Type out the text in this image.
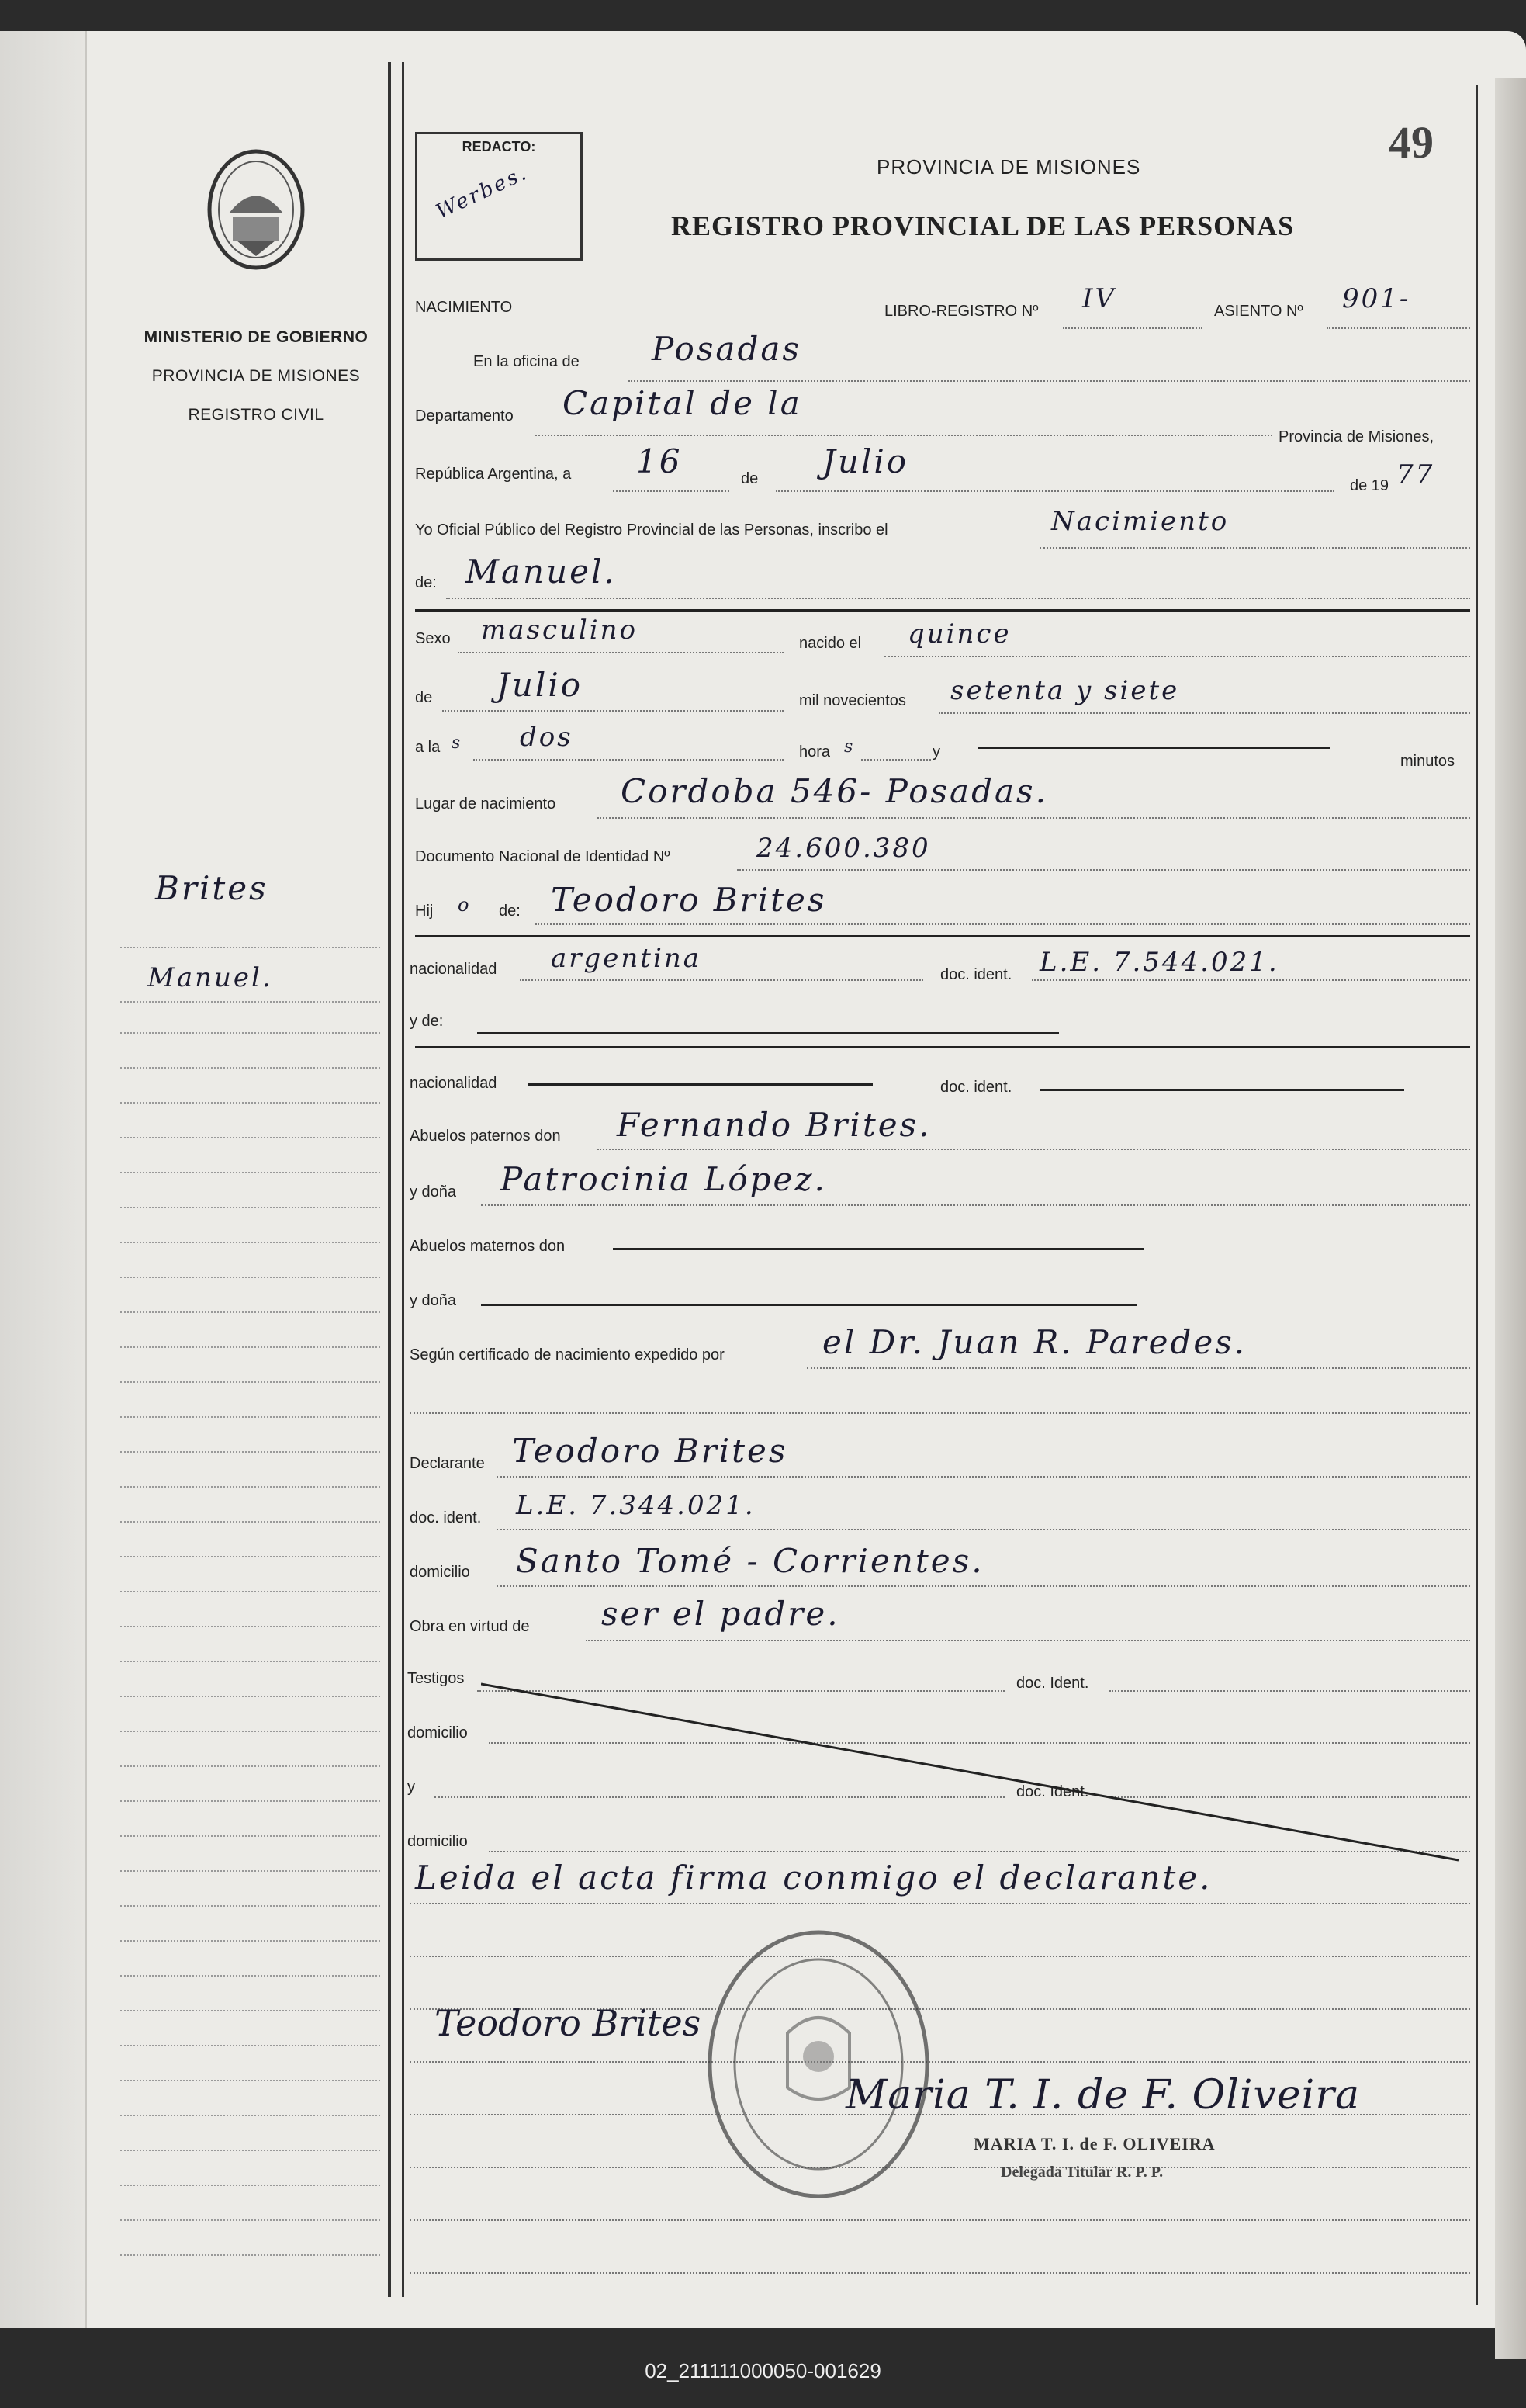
MINISTERIO DE GOBIERNO
PROVINCIA DE MISIONES
REGISTRO CIVIL
Brites
Manuel.
REDACTO:
Werbes.	PROVINCIA DE MISIONES
REGISTRO PROVINCIAL DE LAS PERSONAS
49
NACIMIENTO	LIBRO-REGISTRO Nº IV	ASIENTO Nº 901-
En la oficina de Posadas
Departamento Capital de la
Provincia de Misiones,
República Argentina, a 16	de Julio
de 19 77
Yo Oficial Público del Registro Provincial de las Personas, inscribo el	Nacimiento
de: Manuel.
Sexo masculino	nacido el quince
de Julio	mil novecientos setenta y siete
a la s dos	hora s	y
minutos
Lugar de nacimiento Cordoba 546- Posadas.
Documento Nacional de Identidad Nº	24.600.380
Hij o de: Teodoro Brites
nacionalidad argentina
doc. ident. L.E. 7.544.021.
y de:
nacionalidad	doc. ident.
Abuelos paternos don Fernando Brites.
y doña Patrocinia López.
Abuelos maternos don
y doña
Según certificado de nacimiento expedido por	el Dr. Juan R. Paredes.
Declarante Teodoro Brites
doc. ident. L.E. 7.344.021.
domicilio Santo Tomé - Corrientes.
Obra en virtud de ser el padre.
Testigos	doc. Ident.
domicilio
y	doc. Ident.
domicilio
Leida el acta firma conmigo el declarante.
Teodoro Brites
Maria T. I. de F. Oliveira
MARIA T. I. de F. OLIVEIRA
Delegada Titular R. P. P.
02_211111000050-001629
